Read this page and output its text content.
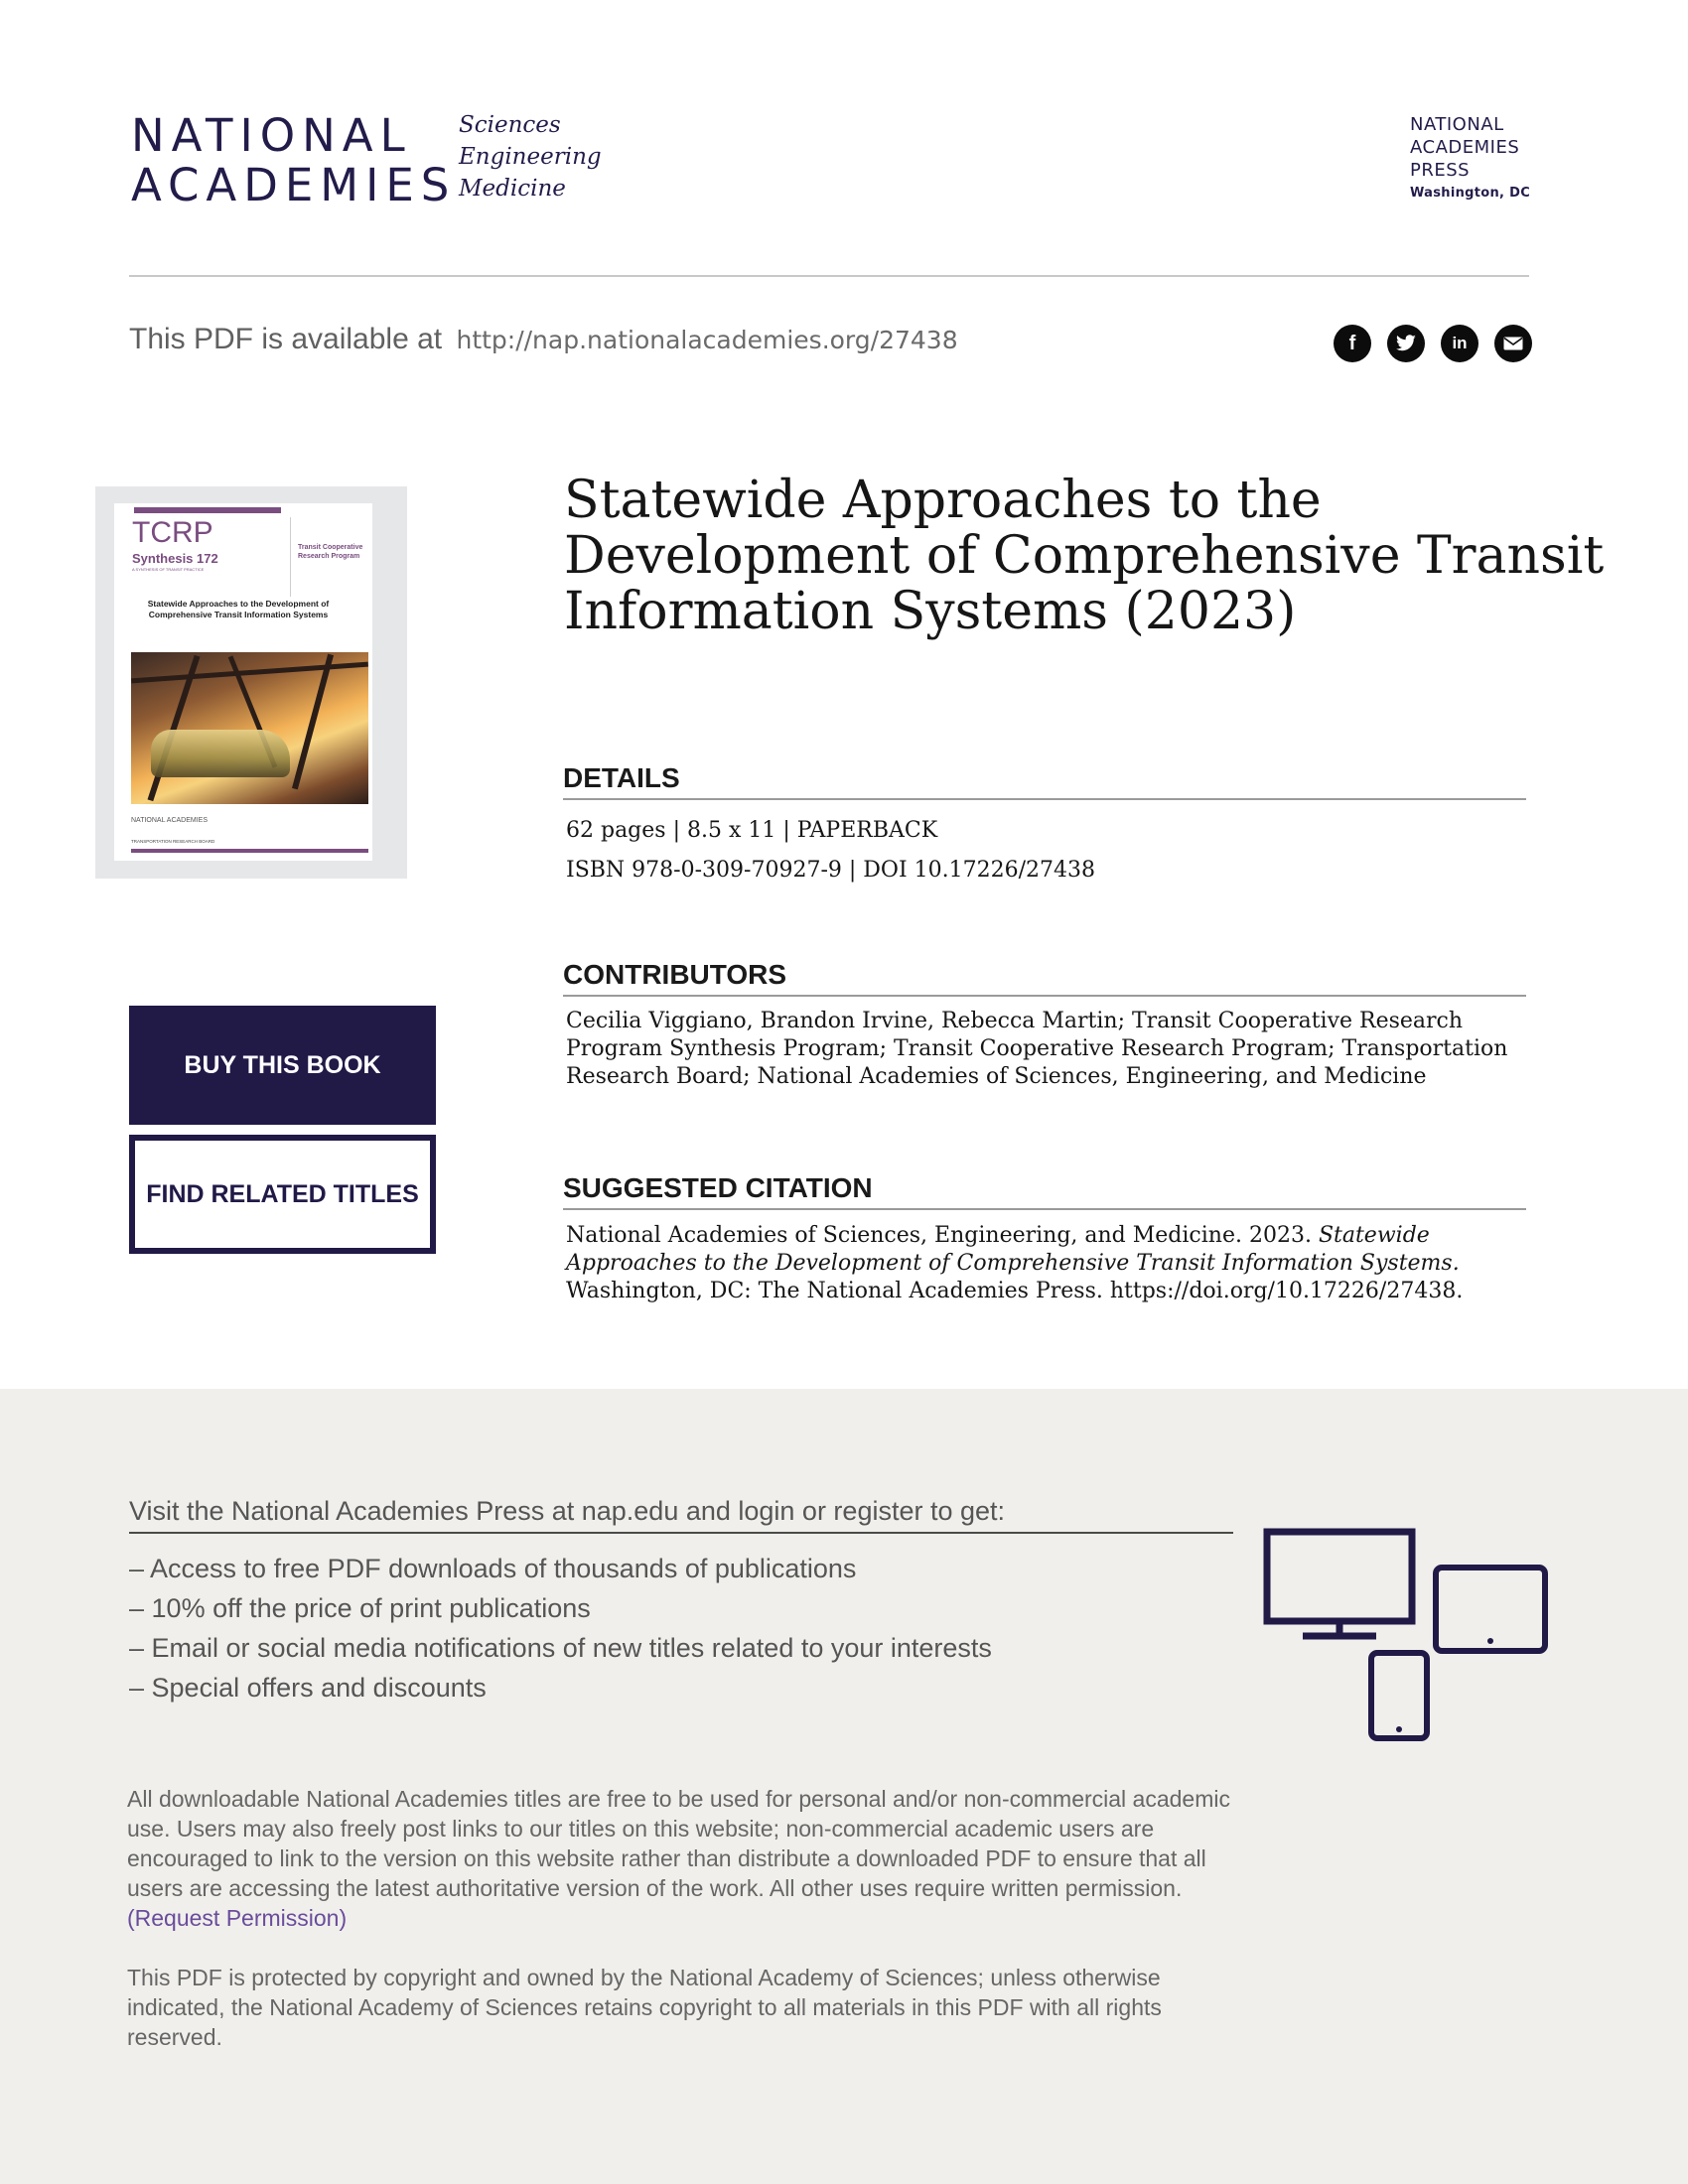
NATIONAL
ACADEMIES
Sciences
Engineering
Medicine
NATIONAL
ACADEMIES
PRESS
Washington, DC
This PDF is available at http://nap.nationalacademies.org/27438	f	in
TCRP
Synthesis 172
A SYNTHESIS OF TRANSIT PRACTICE
Transit Cooperative Research Program
Statewide Approaches to the Development of Comprehensive Transit Information Systems
NATIONAL ACADEMIES
TRANSPORTATION RESEARCH BOARD
BUY THIS BOOK
FIND RELATED TITLES
Statewide Approaches to the Development of Comprehensive Transit Information Systems (2023)
DETAILS

62 pages | 8.5 x 11 | PAPERBACK

ISBN 978-0-309-70927-9 | DOI 10.17226/27438

CONTRIBUTORS
Cecilia Viggiano, Brandon Irvine, Rebecca Martin; Transit Cooperative Research Program Synthesis Program; Transit Cooperative Research Program; Transportation Research Board; National Academies of Sciences, Engineering, and Medicine
SUGGESTED CITATION
National Academies of Sciences, Engineering, and Medicine. 2023. Statewide Approaches to the Development of Comprehensive Transit Information Systems. Washington, DC: The National Academies Press. https://doi.org/10.17226/27438.
Visit the National Academies Press at nap.edu and login or register to get:
– Access to free PDF downloads of thousands of publications
– 10% off the price of print publications
– Email or social media notifications of new titles related to your interests
– Special offers and discounts
All downloadable National Academies titles are free to be used for personal and/or non-commercial academic use. Users may also freely post links to our titles on this website; non-commercial academic users are encouraged to link to the version on this website rather than distribute a downloaded PDF to ensure that all users are accessing the latest authoritative version of the work. All other uses require written permission. (Request Permission)
This PDF is protected by copyright and owned by the National Academy of Sciences; unless otherwise indicated, the National Academy of Sciences retains copyright to all materials in this PDF with all rights reserved.
